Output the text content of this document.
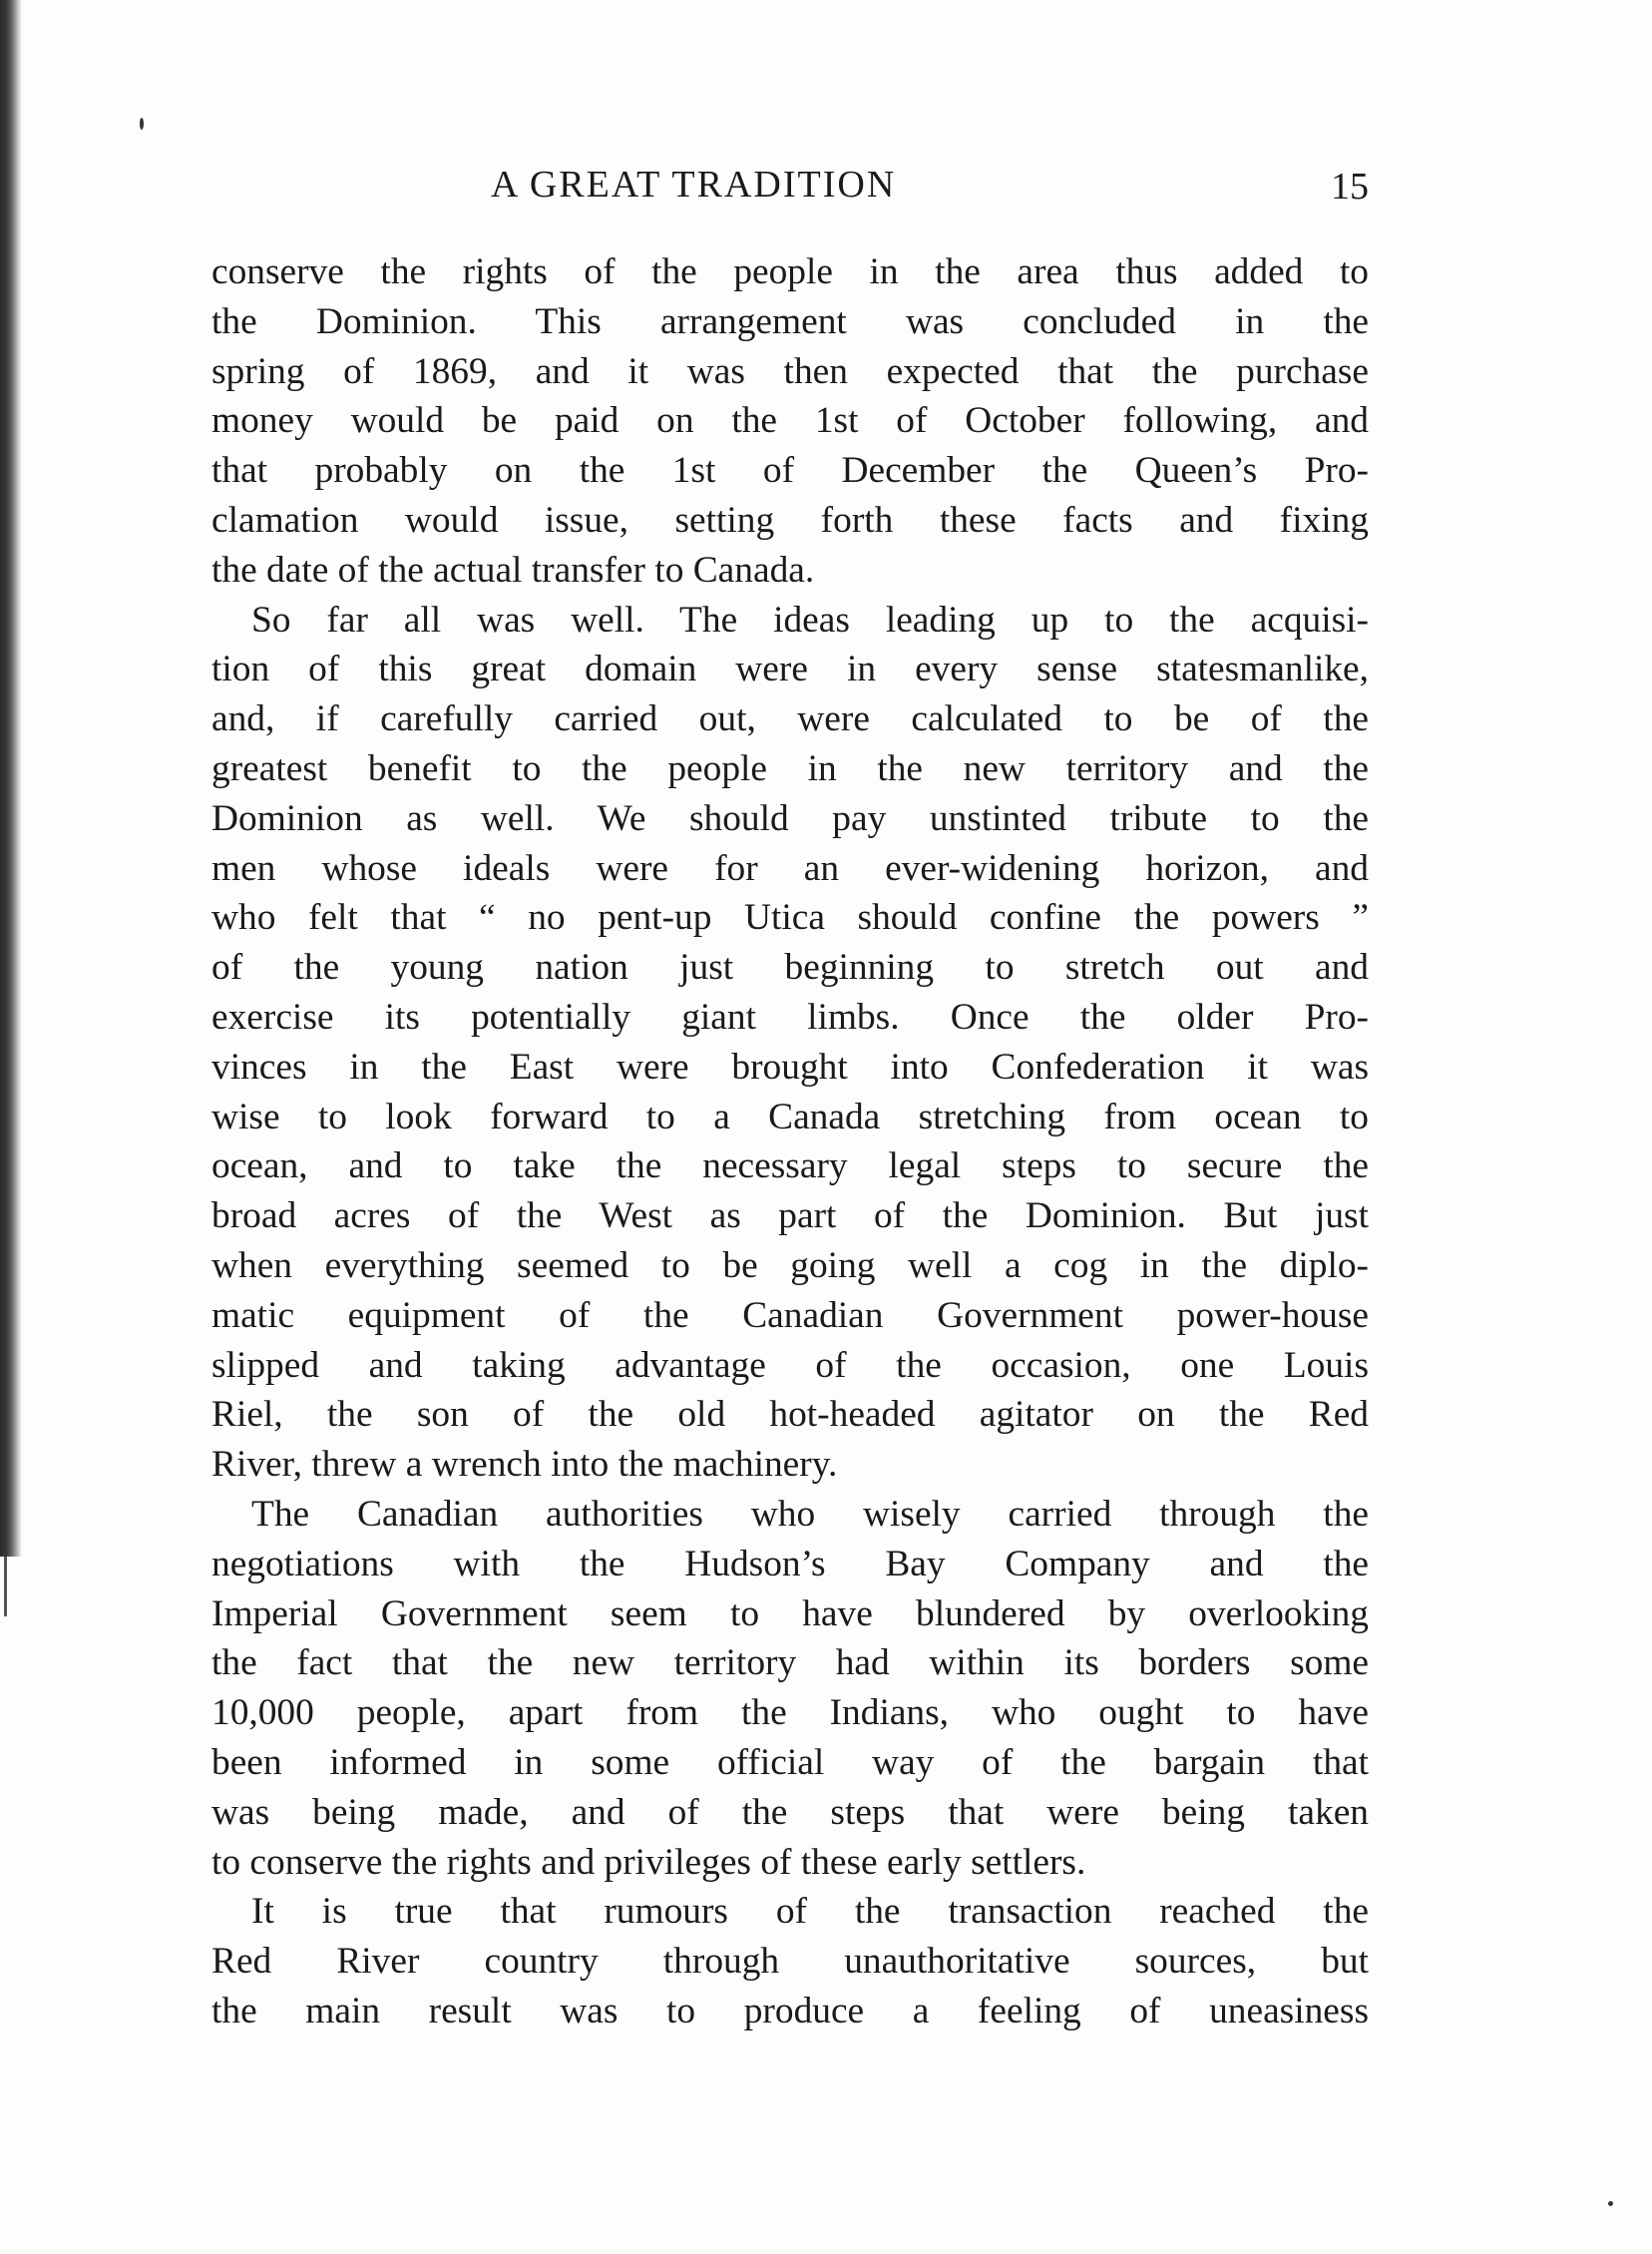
A GREAT TRADITION	15
conserve the rights of the people in the area thus added to
the Dominion. This arrangement was concluded in the
spring of 1869, and it was then expected that the purchase
money would be paid on the 1st of October following, and
that probably on the 1st of December the Queen’s Pro-
clamation would issue, setting forth these facts and fixing
the date of the actual transfer to Canada.
So far all was well. The ideas leading up to the acquisi-
tion of this great domain were in every sense statesmanlike,
and, if carefully carried out, were calculated to be of the
greatest benefit to the people in the new territory and the
Dominion as well. We should pay unstinted tribute to the
men whose ideals were for an ever-widening horizon, and
who felt that “ no pent-up Utica should confine the powers ”
of the young nation just beginning to stretch out and
exercise its potentially giant limbs. Once the older Pro-
vinces in the East were brought into Confederation it was
wise to look forward to a Canada stretching from ocean to
ocean, and to take the necessary legal steps to secure the
broad acres of the West as part of the Dominion. But just
when everything seemed to be going well a cog in the diplo-
matic equipment of the Canadian Government power-house
slipped and taking advantage of the occasion, one Louis
Riel, the son of the old hot-headed agitator on the Red
River, threw a wrench into the machinery.
The Canadian authorities who wisely carried through the
negotiations with the Hudson’s Bay Company and the
Imperial Government seem to have blundered by overlooking
the fact that the new territory had within its borders some
10,000 people, apart from the Indians, who ought to have
been informed in some official way of the bargain that
was being made, and of the steps that were being taken
to conserve the rights and privileges of these early settlers.
It is true that rumours of the transaction reached the
Red River country through unauthoritative sources, but
the main result was to produce a feeling of uneasiness
